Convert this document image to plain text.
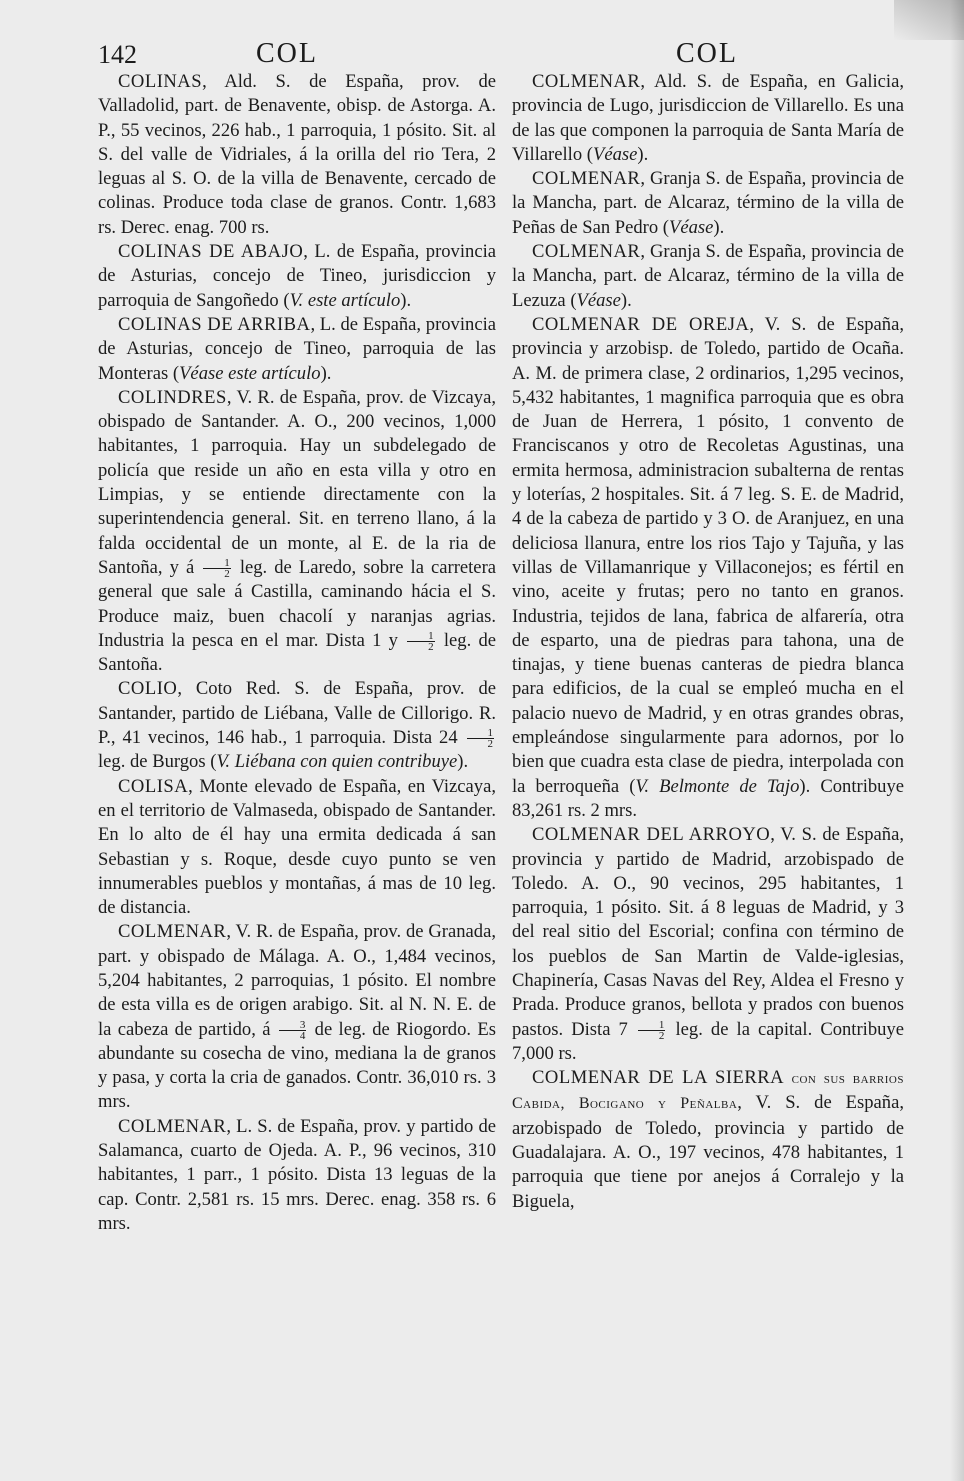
142	COL	COL

COLINAS, Ald. S. de España, prov. de Valladolid, part. de Benavente, obisp. de Astorga. A. P., 55 vecinos, 226 hab., 1 parroquia, 1 pósito. Sit. al S. del valle de Vidriales, á la orilla del rio Tera, 2 leguas al S. O. de la villa de Benavente, cercado de colinas. Produce toda clase de granos. Contr. 1,683 rs. Derec. enag. 700 rs.

COLINAS DE ABAJO, L. de España, provincia de Asturias, concejo de Tineo, jurisdiccion y parroquia de Sangoñedo (V. este artículo).

COLINAS DE ARRIBA, L. de España, provincia de Asturias, concejo de Tineo, parroquia de las Monteras (Véase este artículo).

COLINDRES, V. R. de España, prov. de Vizcaya, obispado de Santander. A. O., 200 vecinos, 1,000 habitantes, 1 parroquia. Hay un subdelegado de policía que reside un año en esta villa y otro en Limpias, y se entiende directamente con la superintendencia general. Sit. en terreno llano, á la falda occidental de un monte, al E. de la ria de Santoña, y á $\frac{1}{2}$ leg. de Laredo, sobre la carretera general que sale á Castilla, caminando hácia el S. Produce maiz, buen chacolí y naranjas agrias. Industria la pesca en el mar. Dista 1 y $\frac{1}{2}$ leg. de Santoña.

COLIO, Coto Red. S. de España, prov. de Santander, partido de Liébana, Valle de Cillorigo. R. P., 41 vecinos, 146 hab., 1 parroquia. Dista $24 \frac{1}{2}$
leg. de Burgos (V. Liébana con quien contribuye).

COLISA, Monte elevado de España, en Vizcaya, en el territorio de Valmaseda, obispado de Santander. En lo alto de él hay una ermita dedicada á san Sebastian y s. Roque, desde cuyo punto se ven innumerables pueblos y montañas, á mas de 10 leg. de distancia.

COLMENAR, V. R. de España, prov. de Granada, part. y obispado de Málaga. A. O., 1,484 vecinos, 5,204 habitantes, 2 parroquias, 1 pósito. El nombre de esta villa es de origen arabigo. Sit. al N. N. E. de la cabeza de partido, á $\frac{3}{4}$ de leg. de Riogordo. Es abundante su cosecha de vino, mediana la de granos y pasa, y corta la cria de ganados. Contr. 36,010 rs. 3 mrs.

COLMENAR, L. S. de España, prov. y partido de Salamanca, cuarto de Ojeda. A. P., 96 vecinos, 310 habitantes, 1 parr., 1 pósito. Dista 13 leguas de la cap. Contr. 2,581 rs. 15 mrs. Derec. enag. 358 rs. 6 mrs.

COLMENAR, Ald. S. de España, en Galicia, provincia de Lugo, jurisdiccion de Villarello. Es una de las que componen la parroquia de Santa María de Villarello (Véase).

COLMENAR, Granja S. de España, provincia de la Mancha, part. de Alcaraz, término de la villa de Peñas de San Pedro (Véase).

COLMENAR, Granja S. de España, provincia de la Mancha, part. de Alcaraz, término de la villa de Lezuza (Véase).

COLMENAR DE OREJA, V. S. de España, provincia y arzobisp. de Toledo, partido de Ocaña. A. M. de primera clase, 2 ordinarios, 1,295 vecinos, 5,432 habitantes, 1 magnifica parroquia que es obra de Juan de Herrera, 1 pósito, 1 convento de Franciscanos y otro de Recoletas Agustinas, una ermita hermosa, administracion subalterna de rentas y loterías, 2 hospitales. Sit. á 7 leg. S. E. de Madrid, 4 de la cabeza de partido y 3 O. de Aranjuez, en una deliciosa llanura, entre los rios Tajo y Tajuña, y las villas de Villamanrique y Villaconejos; es fértil en vino, aceite y frutas; pero no tanto en granos. Industria, tejidos de lana, fabrica de alfarería, otra de esparto, una de piedras para tahona, una de tinajas, y tiene buenas canteras de piedra blanca para edificios, de la cual se empleó mucha en el palacio nuevo de Madrid, y en otras grandes obras, empleándose singularmente para adornos, por lo bien que cuadra esta clase de piedra, interpolada con la berroqueña (V. Belmonte de Tajo). Contribuye 83,261 rs. 2 mrs.

COLMENAR DEL ARROYO, V. S. de España, provincia y partido de Madrid, arzobispado de Toledo. A. O., 90 vecinos, 295 habitantes, 1 parroquia, 1 pósito. Sit. á 8 leguas de Madrid, y 3 del real sitio del Escorial; confina con término de los pueblos de San Martin de Valde-iglesias, Chapinería, Casas Navas del Rey, Aldea el Fresno y Prada. Produce granos, bellota y prados con buenos pastos. Dista $7 \frac{1}{2}$ leg. de la capital. Contribuye 7,000 rs.

COLMENAR DE LA SIERRA con sus barrios Cabida, Bocigano y Peñalba, V. S. de España, arzobispado de Toledo, provincia y partido de Guadalajara. A. O., 197 vecinos, 478 habitantes, 1 parroquia que tiene por anejos á Corralejo y la Biguela,
